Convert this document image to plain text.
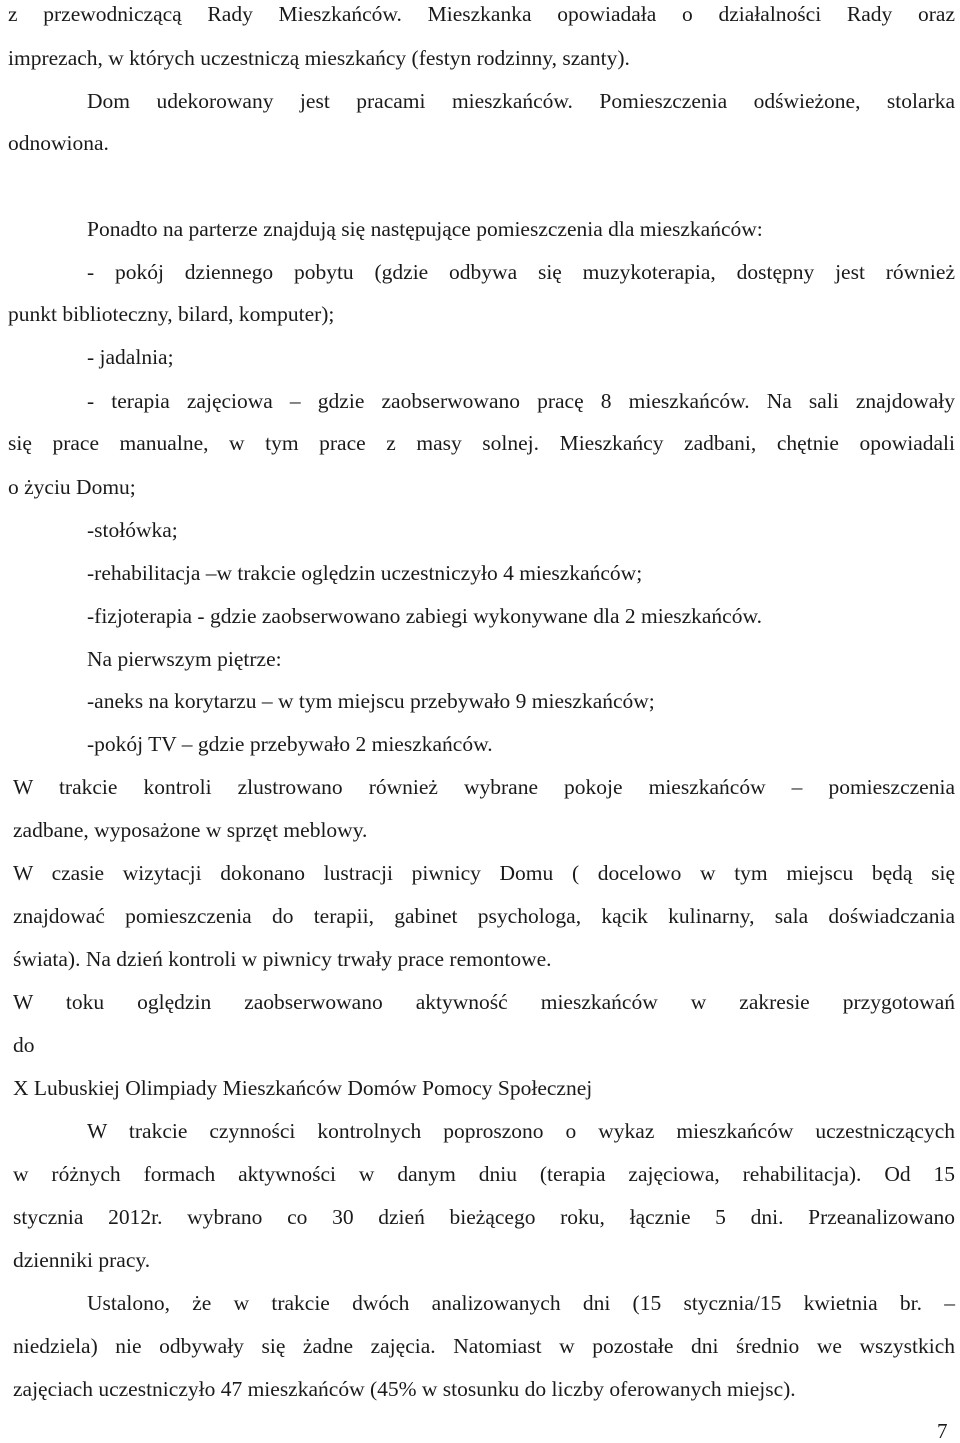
z przewodniczącą Rady Mieszkańców. Mieszkanka opowiadała o działalności Rady oraz
imprezach, w których uczestniczą mieszkańcy (festyn rodzinny, szanty).
Dom udekorowany jest pracami mieszkańców. Pomieszczenia odświeżone, stolarka
odnowiona.
Ponadto na parterze znajdują się następujące pomieszczenia dla mieszkańców:
- pokój dziennego pobytu (gdzie odbywa się muzykoterapia, dostępny jest również
punkt biblioteczny, bilard, komputer);
- jadalnia;
- terapia zajęciowa – gdzie zaobserwowano pracę 8 mieszkańców. Na sali znajdowały
się prace manualne, w tym prace z masy solnej. Mieszkańcy zadbani, chętnie opowiadali
o życiu Domu;
-stołówka;
-rehabilitacja –w trakcie oględzin uczestniczyło 4 mieszkańców;
-fizjoterapia - gdzie zaobserwowano zabiegi wykonywane dla 2 mieszkańców.
Na pierwszym piętrze:
-aneks na korytarzu – w tym miejscu przebywało 9 mieszkańców;
-pokój TV – gdzie przebywało 2 mieszkańców.
W trakcie kontroli zlustrowano również wybrane pokoje mieszkańców – pomieszczenia
zadbane, wyposażone w sprzęt meblowy.
W czasie wizytacji dokonano lustracji piwnicy Domu ( docelowo w tym miejscu będą się
znajdować pomieszczenia do terapii, gabinet psychologa, kącik kulinarny, sala doświadczania
świata). Na dzień kontroli w piwnicy trwały prace remontowe.
W toku oględzin zaobserwowano aktywność mieszkańców w zakresie przygotowań
do
X Lubuskiej Olimpiady Mieszkańców Domów Pomocy Społecznej
W trakcie czynności kontrolnych poproszono o wykaz mieszkańców uczestniczących
w różnych formach aktywności w danym dniu (terapia zajęciowa, rehabilitacja). Od 15
stycznia 2012r. wybrano co 30 dzień bieżącego roku, łącznie 5 dni. Przeanalizowano
dzienniki pracy.
Ustalono, że w trakcie dwóch analizowanych dni (15 stycznia/15 kwietnia br. –
niedziela) nie odbywały się żadne zajęcia. Natomiast w pozostałe dni średnio we wszystkich
zajęciach uczestniczyło 47 mieszkańców (45% w stosunku do liczby oferowanych miejsc).
7
